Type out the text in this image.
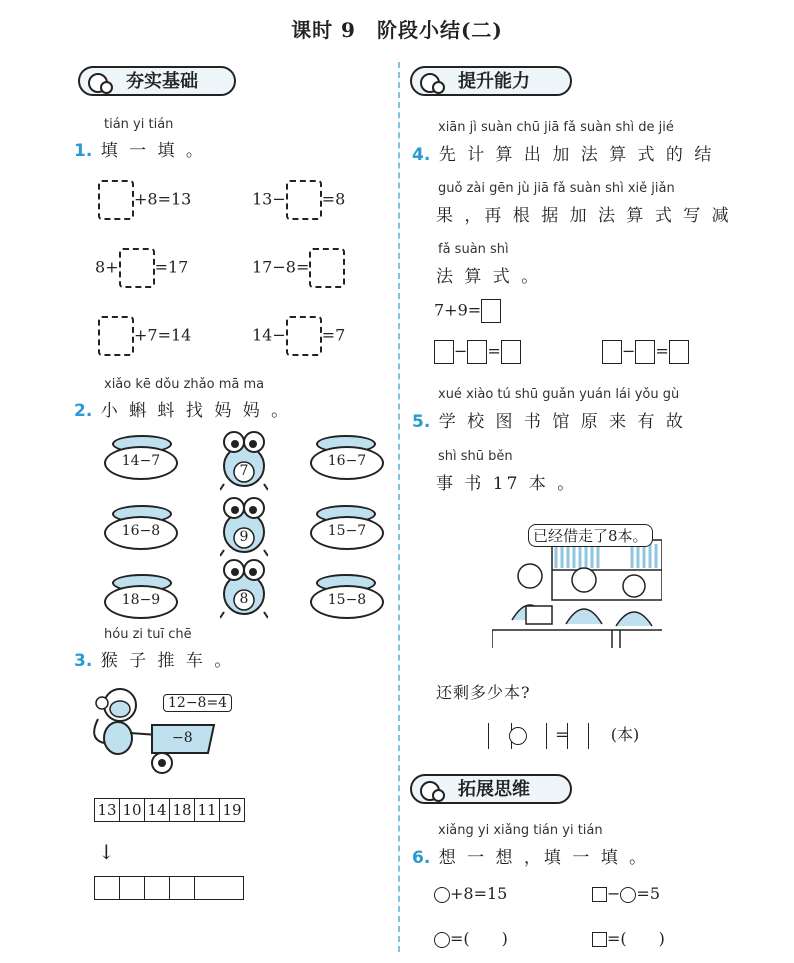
课时 9　阶段小结(二)
夯实基础
tián yi tián
1. 填 一 填 。
+8=13	13− =8
8+ =17	17−8=
+7=14	14− =7
xiǎo kē dǒu zhǎo mā ma
2. 小 蝌 蚪 找 妈 妈 。
14−7
16−8
18−9
7
9
8
16−7
15−7
15−8
hóu zi tuī chē
3. 猴 子 推 车 。
12−8=4
−8
13	10	14	18	11	19
↓

提升能力
xiān jì suàn chū jiā fǎ suàn shì de jié
4. 先 计 算 出 加 法 算 式 的 结
guǒ zài gēn jù jiā fǎ suàn shì xiě jiǎn
果 ，再 根 据 加 法 算 式 写 减
fǎ suàn shì
法 算 式 。
7+9=
− =	− =
xué xiào tú shū guǎn yuán lái yǒu gù
5. 学 校 图 书 馆 原 来 有 故
shì shū běn
事 书 17 本 。
已经借走了8本。
还剩多少本?
=	(本)
拓展思维
xiǎng yi xiǎng tián yi tián
6. 想 一 想 ，填 一 填 。
+8=15	− =5
=(　　)	=(　　)
